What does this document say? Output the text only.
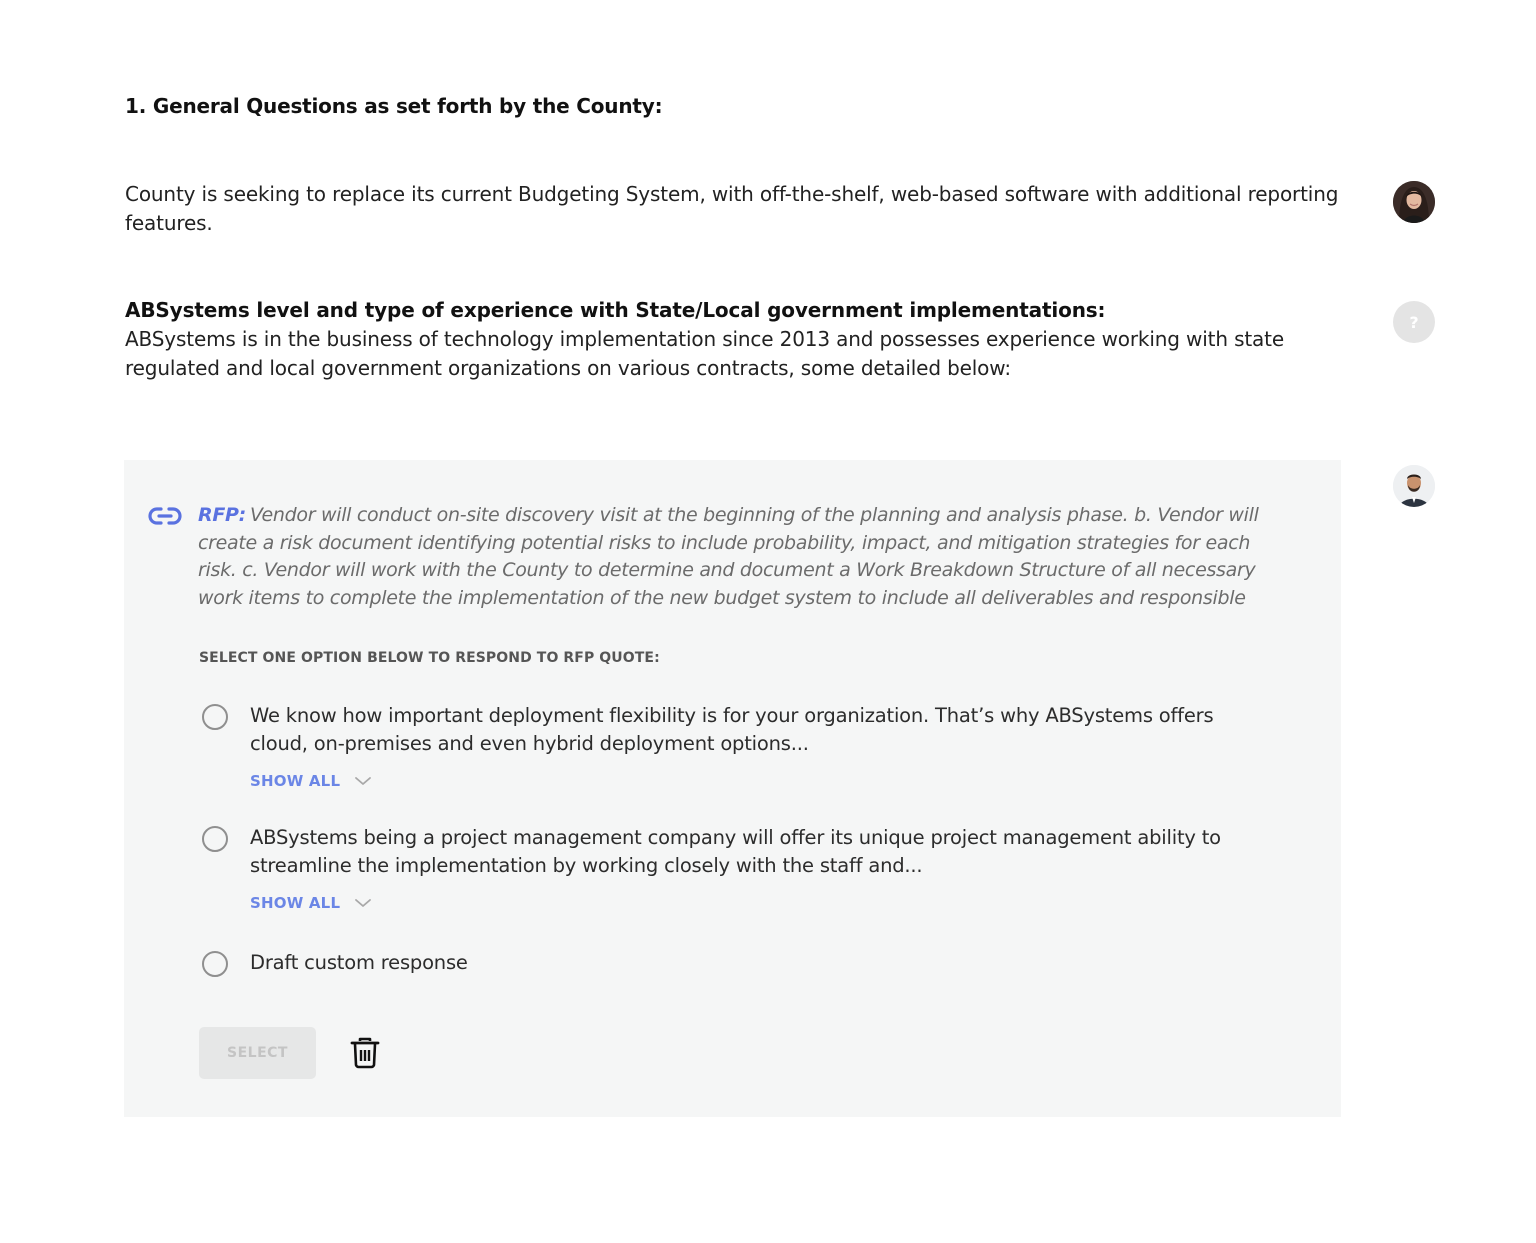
1. General Questions as set forth by the County:
County is seeking to replace its current Budgeting System, with off-the-shelf, web-based software with additional reporting features.
ABSystems level and type of experience with State/Local government implementations:
ABSystems is in the business of technology implementation since 2013 and possesses experience working with state regulated and local government organizations on various contracts, some detailed below:
?
RFP: Vendor will conduct on-site discovery visit at the beginning of the planning and analysis phase. b. Vendor will create a risk document identifying potential risks to include probability, impact, and mitigation strategies for each risk. c. Vendor will work with the County to determine and document a Work Breakdown Structure of all necessary work items to complete the implementation of the new budget system to include all deliverables and responsible
SELECT ONE OPTION BELOW TO RESPOND TO RFP QUOTE:
We know how important deployment flexibility is for your organization. That’s why ABSystems offers cloud, on-premises and even hybrid deployment options...
SHOW ALL
ABSystems being a project management company will offer its unique project management ability to streamline the implementation by working closely with the staff and...
SHOW ALL
Draft custom response
SELECT
